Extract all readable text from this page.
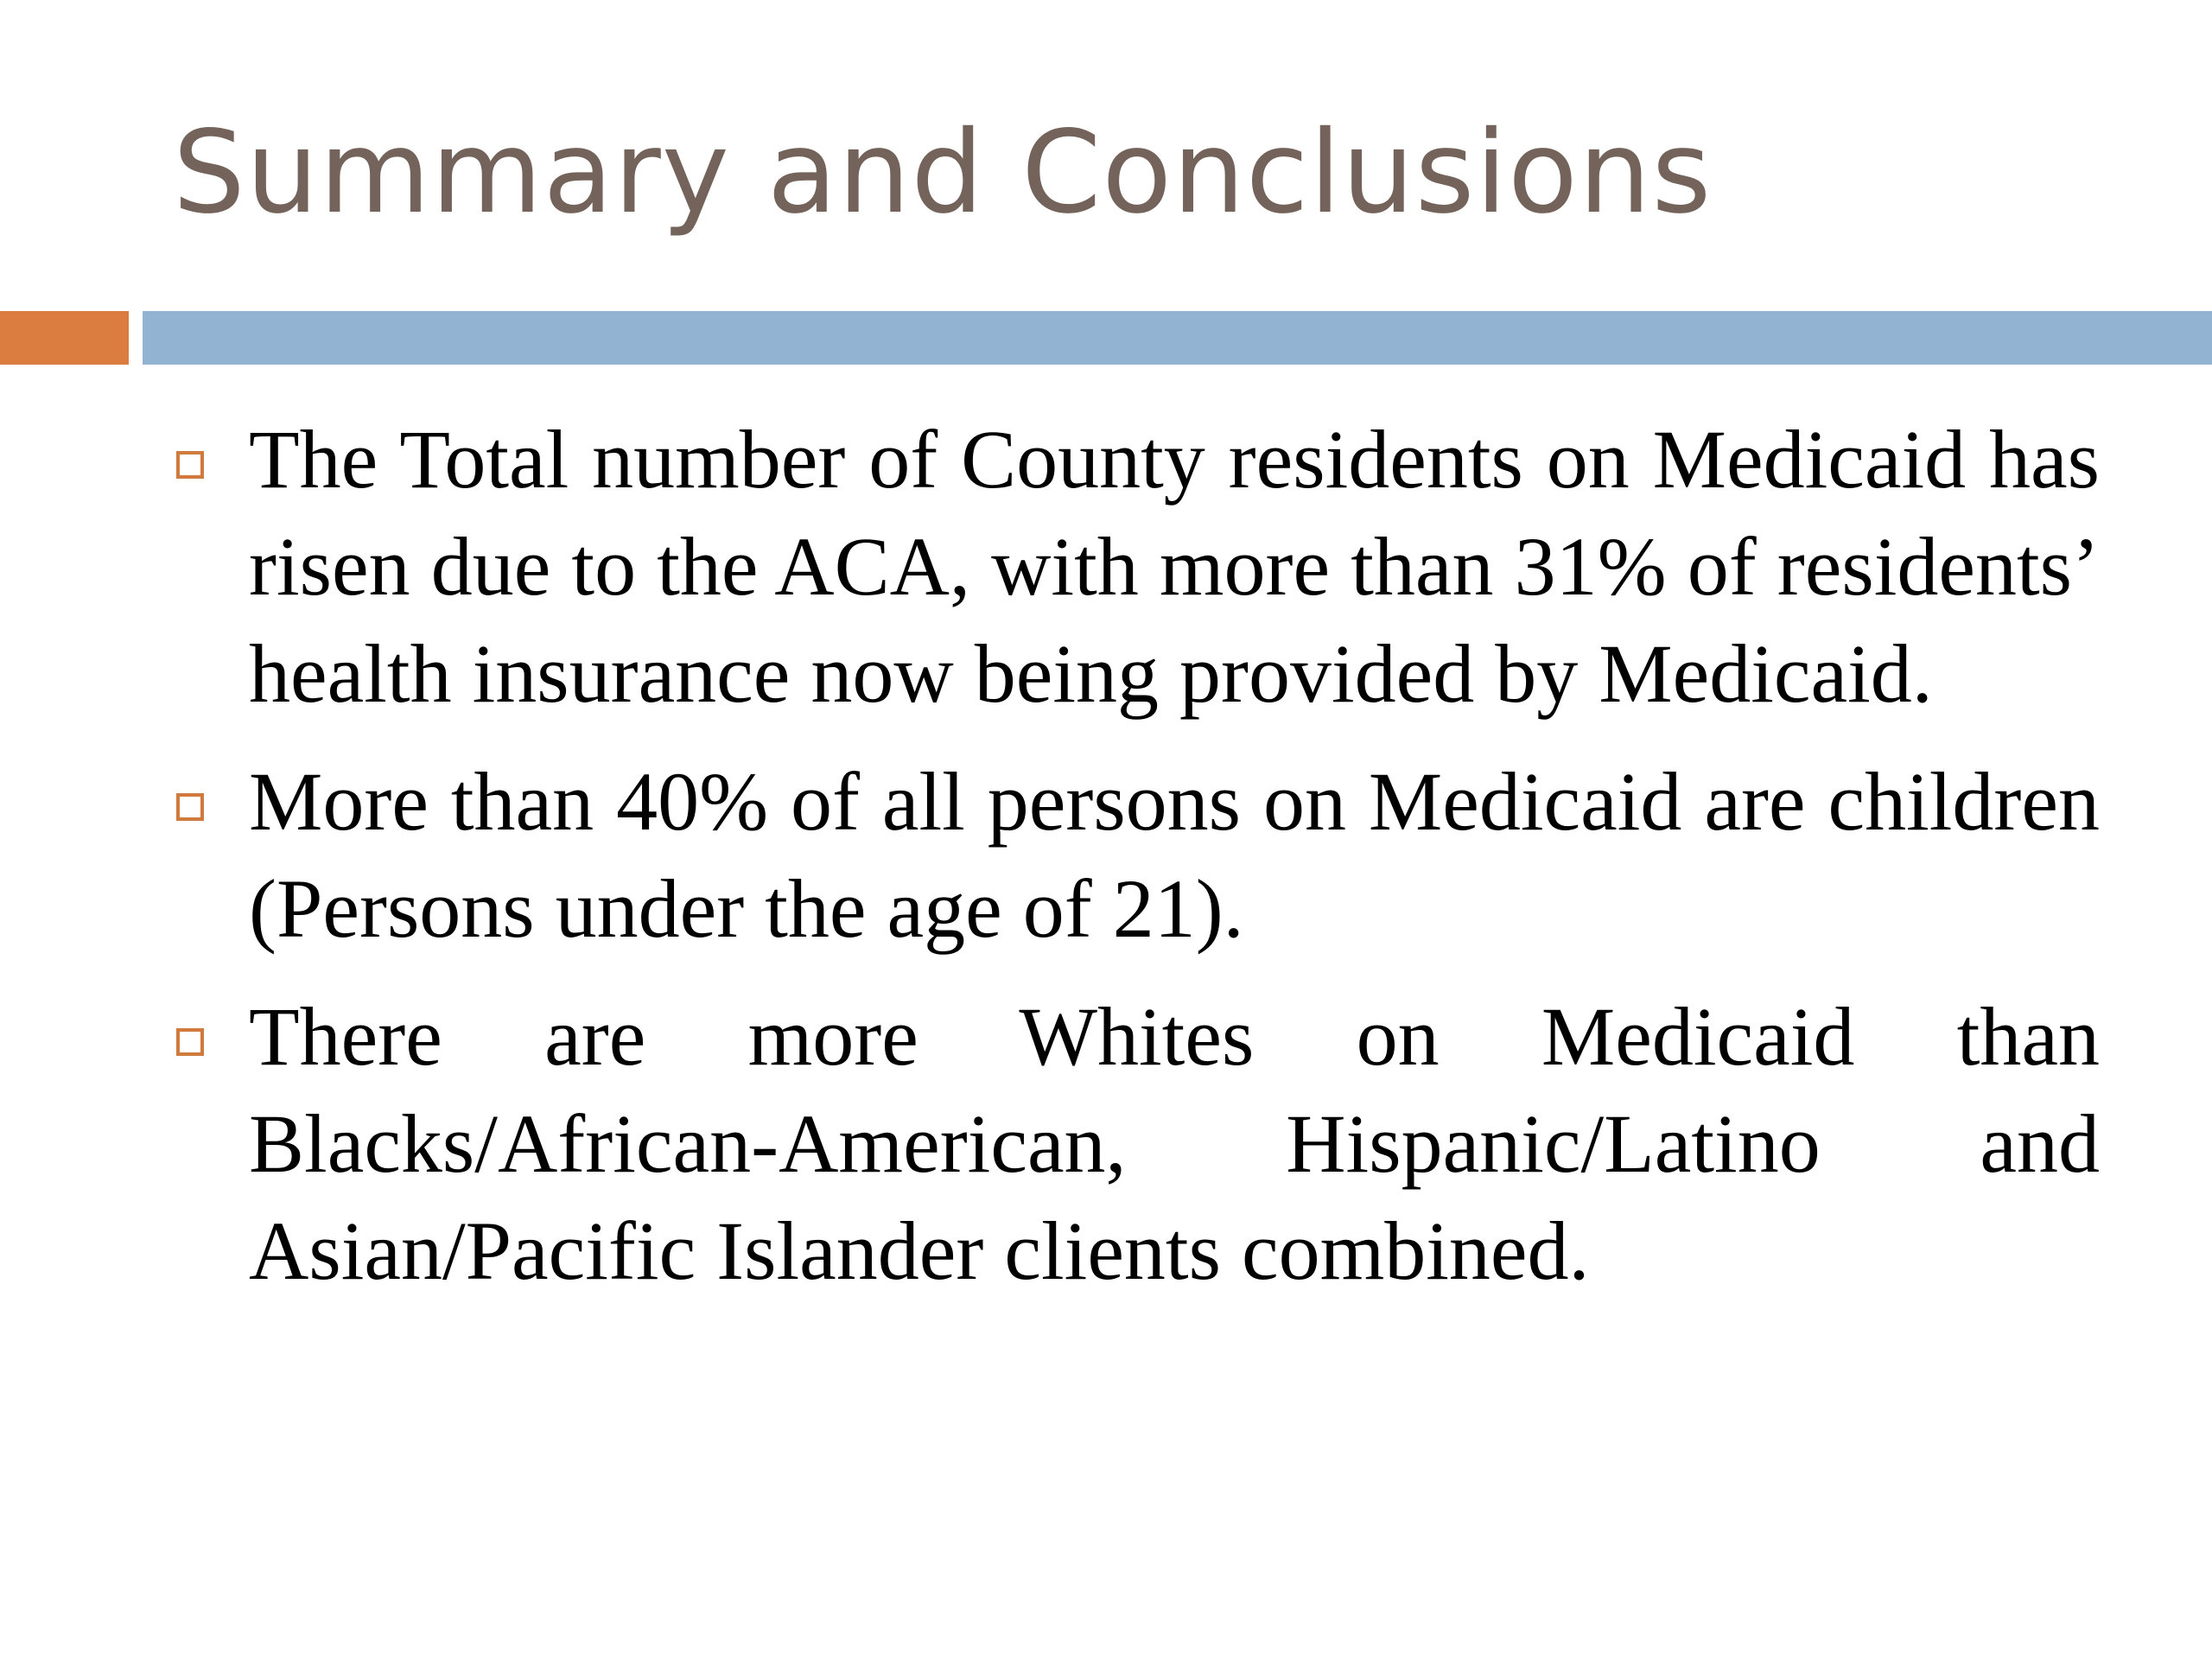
Summary and Conclusions
The Total number of County residents on Medicaid has risen due to the ACA, with more than 31% of residents’ health insurance now being provided by Medicaid.
More than 40% of all persons on Medicaid are children (Persons under the age of 21).
There are more Whites on Medicaid than Blacks/African-American, Hispanic/Latino and Asian/Pacific Islander clients combined.
